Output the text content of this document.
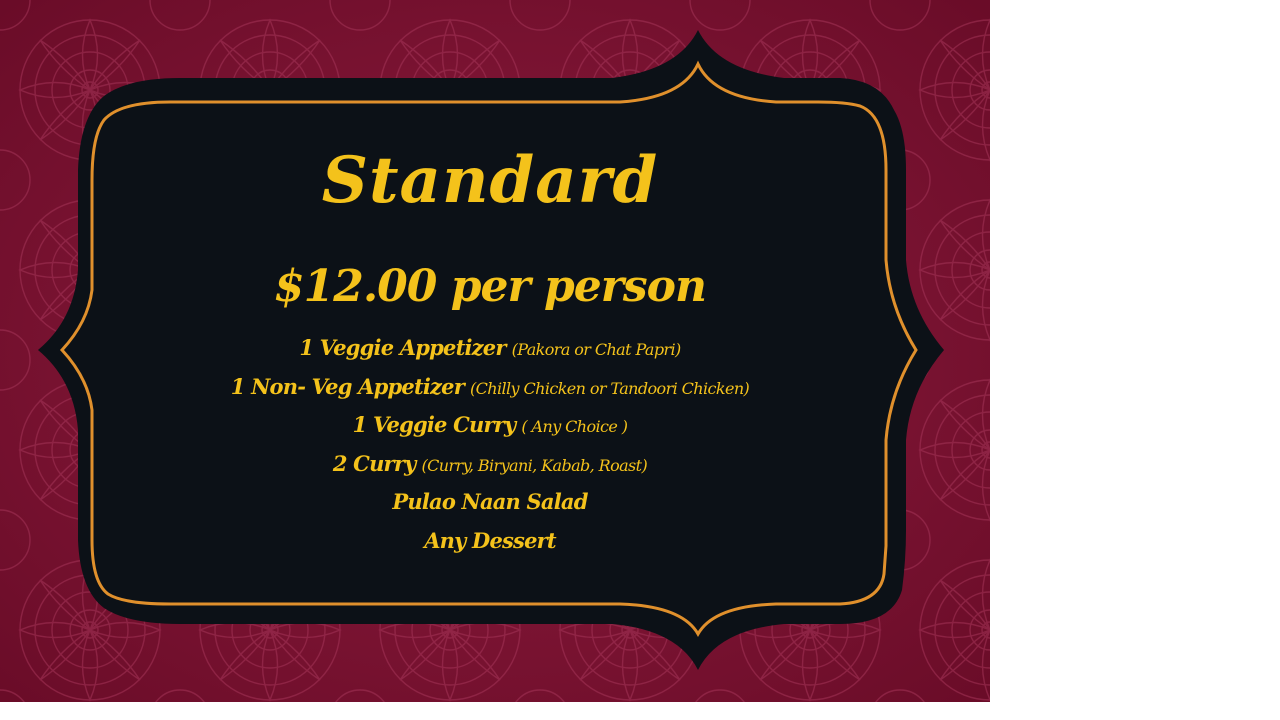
Standard
$12.00 per person
1 Veggie Appetizer (Pakora or Chat Papri)
1 Non- Veg Appetizer (Chilly Chicken or Tandoori Chicken)
1 Veggie Curry ( Any Choice )
2 Curry (Curry, Biryani, Kabab, Roast)
Pulao Naan Salad
Any Dessert
